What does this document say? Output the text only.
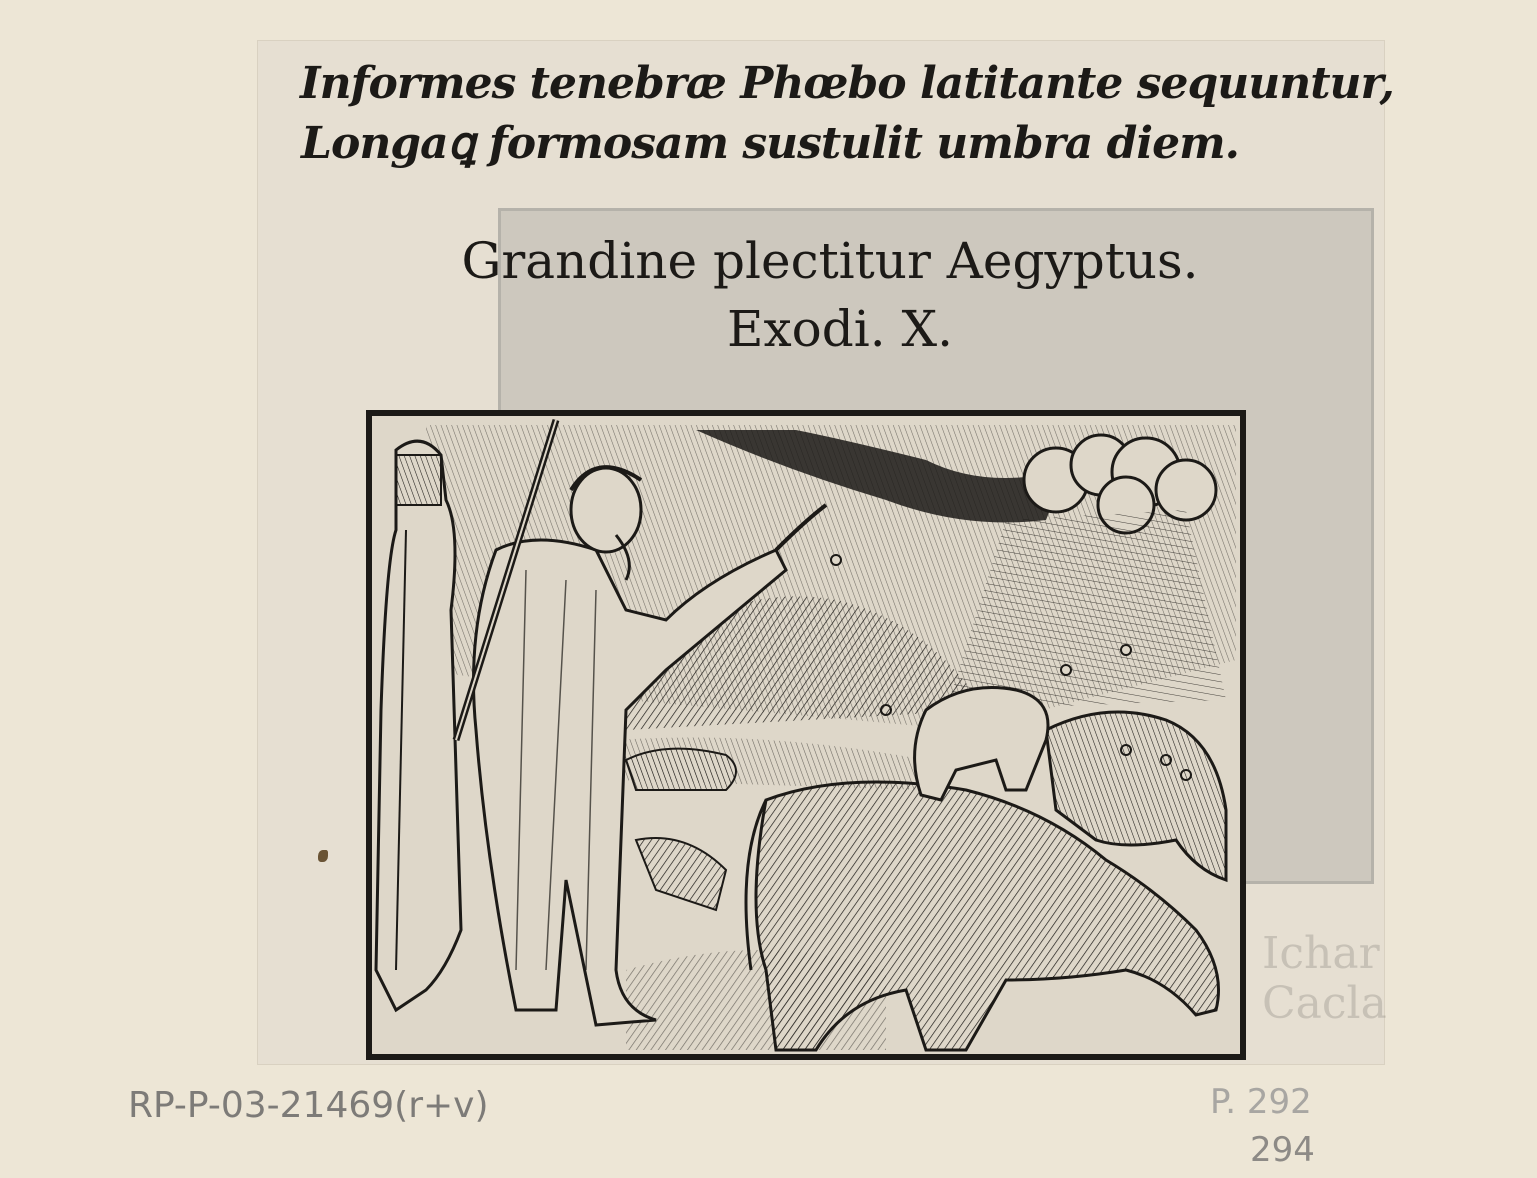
Ichar
Cacla
Informes tenebræ Phœbo latitante sequuntur,
Longaꝗ formosam sustulit umbra diem.
Grandine plectitur Aegyptus.
Exodi. X.
RP-P-03-21469(r+v)	P. 292
294
